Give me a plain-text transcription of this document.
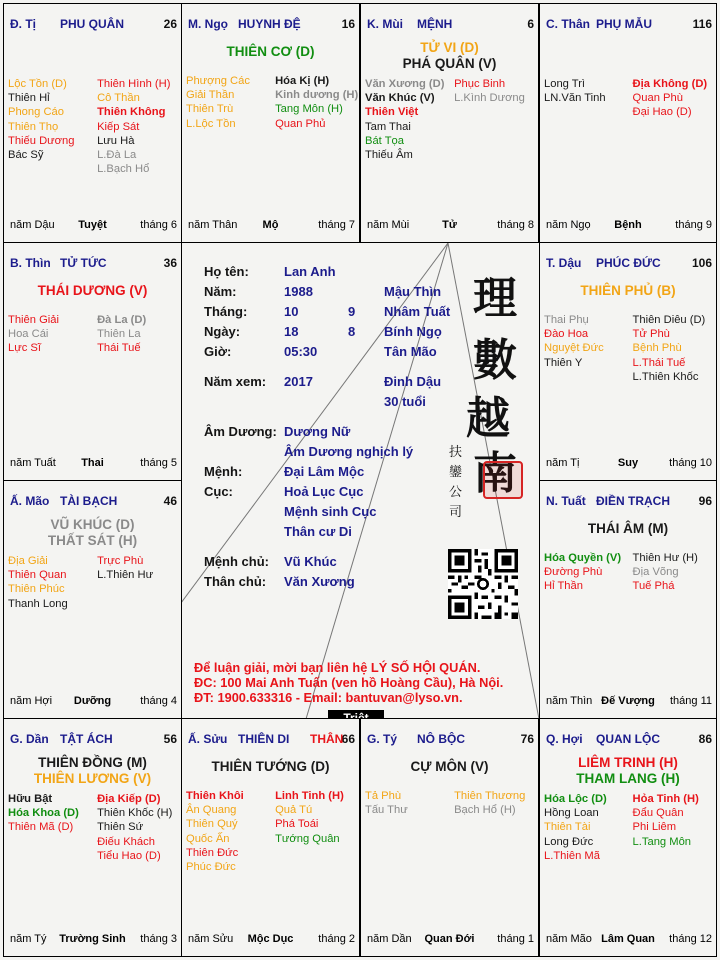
Họ tên:	Lan Anh
Năm:	1988	Mậu Thìn
Tháng:	10	9 Nhâm Tuất
Ngày:	18	8 Bính Ngọ
Giờ:	05:30	Tân Mão
Năm xem: 2017	Đinh Dậu
30 tuổi
Âm Dương: Dương Nữ
Âm Dương nghịch lý
Mệnh:	Đại Lâm Mộc
Cục:	Hoả Lục Cục
Mệnh sinh Cục
Thân cư Di
Mệnh chủ: Vũ Khúc
Thân chủ: Văn Xương
理
數
越
南
扶
鑾
公
司
Để luận giải, mời bạn liên hệ LÝ SỐ HỘI QUÁN.
ĐC: 100 Mai Anh Tuấn (ven hồ Hoàng Cầu), Hà Nội.
ĐT: 1900.633316 - Email: bantuvan@lyso.vn.
Đ. Tị PHU QUÂN	26
Lộc Tồn (D)
Thiên Hỉ
Phong Cáo
Thiên Thọ
Thiếu Dương
Bác Sỹ
Thiên Hình (H)
Cô Thần
Thiên Không
Kiếp Sát
Lưu Hà
L.Đà La
L.Bạch Hổ
năm Dậu Tuyệt	tháng 6
M. Ngọ HUYNH ĐỆ	16
THIÊN CƠ (D)
Phượng Các
Giải Thần
Thiên Trù
L.Lộc Tồn
Hóa Kị (H)
Kinh dương (H)
Tang Môn (H)
Quan Phủ
năm Thân Mộ	tháng 7
K. Mùi MỆNH	6
TỬ VI (D)
PHÁ QUÂN (V)
Văn Xương (D)
Văn Khúc (V)
Thiên Việt
Tam Thai
Bát Tọa
Thiếu Âm
Phục Binh
L.Kình Dương
năm Mùi	Tử	tháng 8
C. Thân PHỤ MẪU	116
Long Trì
LN.Văn Tinh
Địa Không (D)
Quan Phù
Đại Hao (D)
năm Ngọ Bệnh	tháng 9
B. Thìn TỬ TỨC	36
THÁI DƯƠNG (V)
Thiên Giải
Hoa Cái
Lực Sĩ
Đà La (D)
Thiên La
Thái Tuế
năm Tuất Thai	tháng 5
T. Dậu PHÚC ĐỨC	106
THIÊN PHỦ (B)
Thai Phụ
Đào Hoa
Nguyệt Đức
Thiên Y
Thiên Diêu (D)
Tử Phù
Bệnh Phù
L.Thái Tuế
L.Thiên Khốc
năm Tị	Suy	tháng 10
Ấ. Mão TÀI BẠCH	46
VŨ KHÚC (D)
THẤT SÁT (H)
Địa Giải
Thiên Quan
Thiên Phúc
Thanh Long
Trực Phù
L.Thiên Hư
năm Hợi Dưỡng	tháng 4
N. Tuất ĐIỀN TRẠCH 96
THÁI ÂM (M)
Hóa Quyền (V)
Đường Phù
Hỉ Thần
Thiên Hư (H)
Địa Võng
Tuế Phá
năm Thìn Đế Vượng tháng 11
G. Dần TẬT ÁCH	56
THIÊN ĐỒNG (M)
THIÊN LƯƠNG (V)
Hữu Bật
Hóa Khoa (D)
Thiên Mã (D)
Địa Kiếp (D)
Thiên Khốc (H)
Thiên Sứ
Điếu Khách
Tiểu Hao (D)
năm Tý Trường Sinh tháng 3
Ấ. Sửu THIÊN DI	66
THÂN
THIÊN TƯỚNG (D)
Thiên Khôi
Ân Quang
Thiên Quý
Quốc Ấn
Thiên Đức
Phúc Đức
Linh Tinh (H)
Quả Tú
Phá Toái
Tướng Quân
năm Sửu Mộc Dục tháng 2
G. Tý NÔ BỘC	76
CỰ MÔN (V)
Tả Phù
Tấu Thư
Thiên Thương
Bạch Hổ (H)
năm Dần Quan Đới tháng 1
Q. Hợi QUAN LỘC	86
LIÊM TRINH (H)
THAM LANG (H)
Hóa Lộc (D)
Hồng Loan
Thiên Tài
Long Đức
L.Thiên Mã
Hỏa Tinh (H)
Đẩu Quân
Phi Liêm
L.Tang Môn
năm Mão Lâm Quan tháng 12
